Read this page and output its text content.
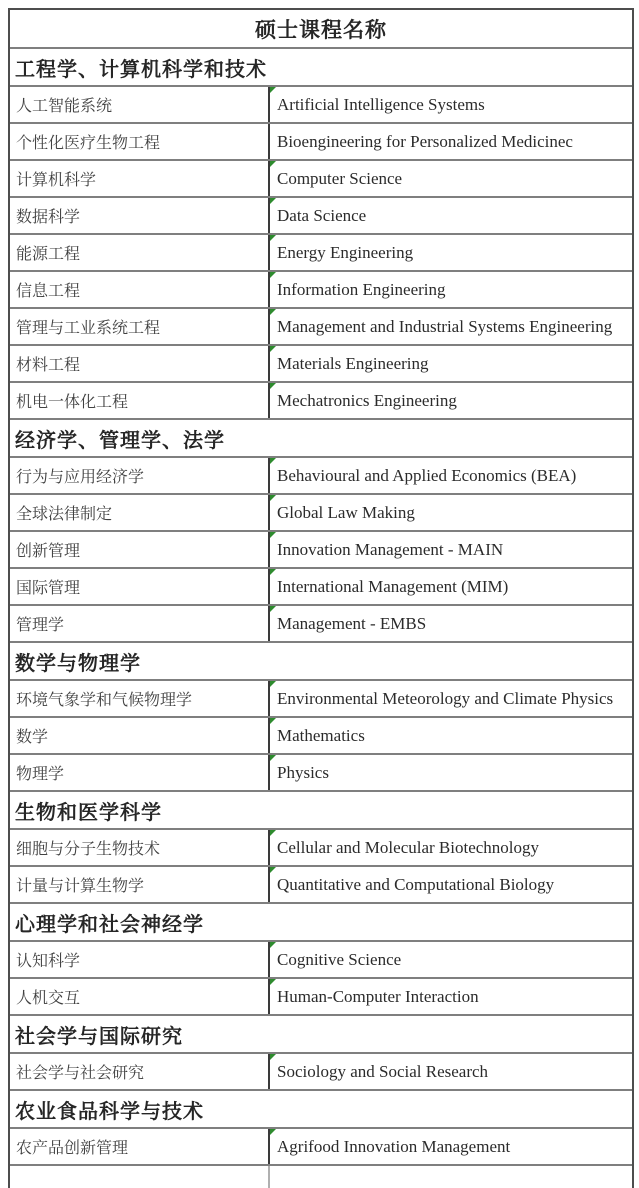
硕士课程名称
工程学、计算机科学和技术
人工智能系统	Artificial Intelligence Systems
个性化医疗生物工程	Bioengineering for Personalized Medicinec
计算机科学	Computer Science
数据科学	Data Science
能源工程	Energy Engineering
信息工程	Information Engineering
管理与工业系统工程	Management and Industrial Systems Engineering
材料工程	Materials Engineering
机电一体化工程	Mechatronics Engineering
经济学、管理学、法学
行为与应用经济学	Behavioural and Applied Economics (BEA)
全球法律制定	Global Law Making
创新管理	Innovation Management - MAIN
国际管理	International Management (MIM)
管理学	Management - EMBS
数学与物理学
环境气象学和气候物理学	Environmental Meteorology and Climate Physics
数学	Mathematics
物理学	Physics
生物和医学科学
细胞与分子生物技术	Cellular and Molecular Biotechnology
计量与计算生物学	Quantitative and Computational Biology
心理学和社会神经学
认知科学	Cognitive Science
人机交互	Human-Computer Interaction
社会学与国际研究
社会学与社会研究	Sociology and Social Research
农业食品科学与技术
农产品创新管理	Agrifood Innovation Management
